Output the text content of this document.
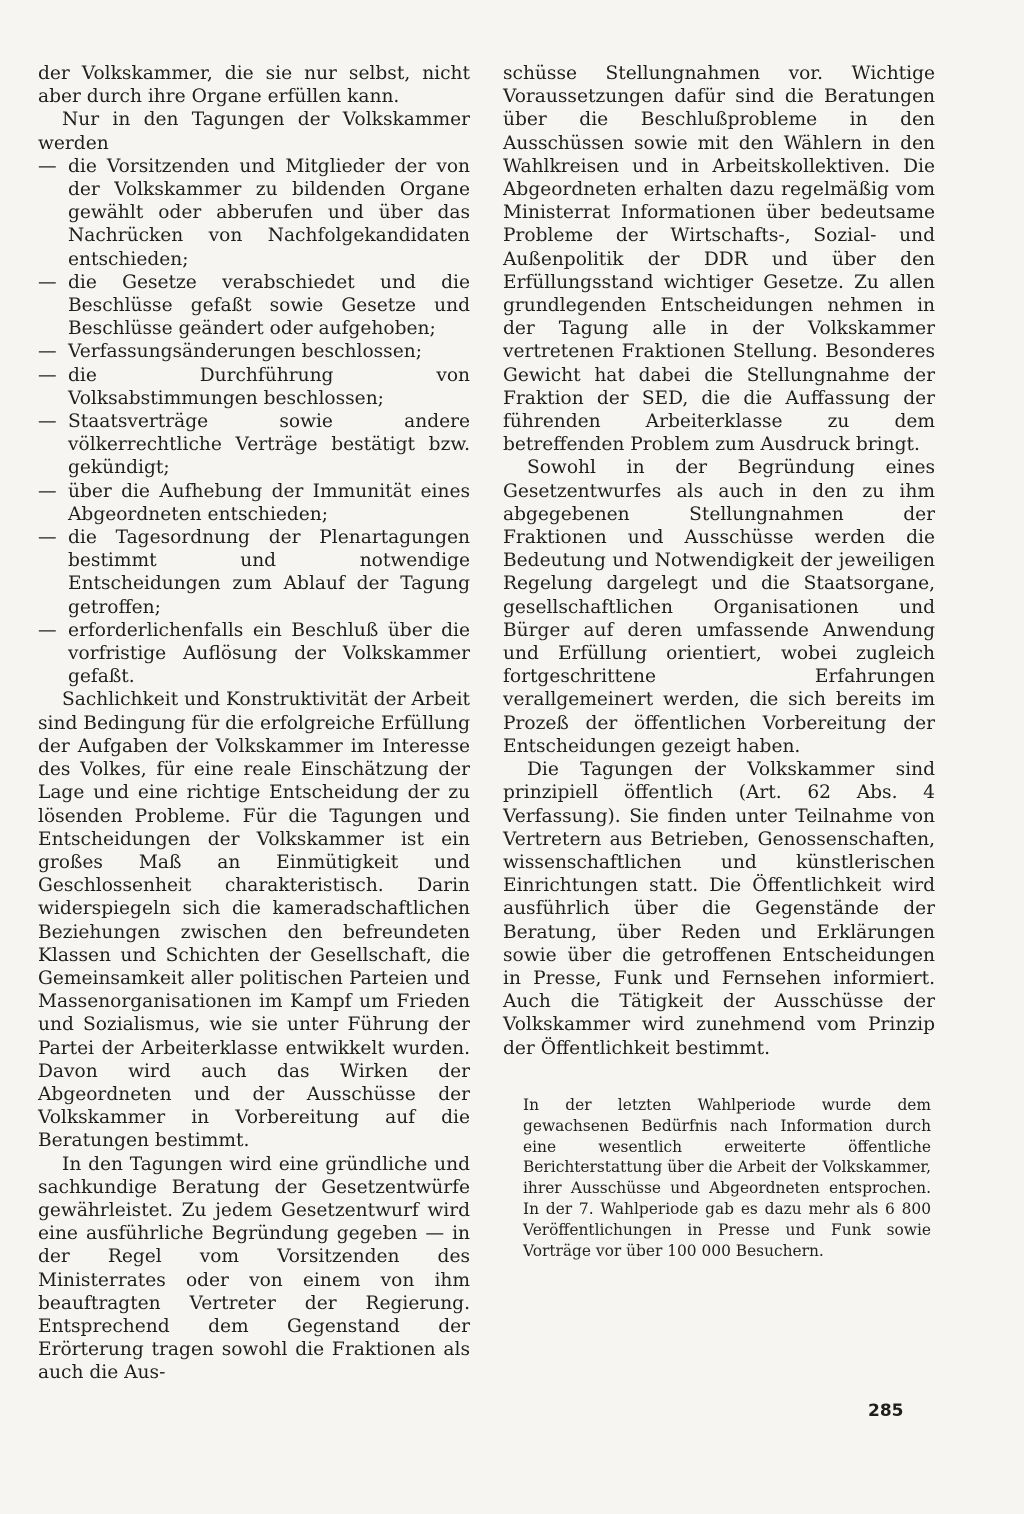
der Volkskammer, die sie nur selbst, nicht aber durch ihre Organe erfüllen kann.

Nur in den Tagungen der Volkskammer werden

— die Vorsitzenden und Mitglieder der von der Volkskammer zu bildenden Organe gewählt oder abberufen und über das Nachrücken von Nachfolgekandidaten entschieden;
— die Gesetze verabschiedet und die Beschlüsse gefaßt sowie Gesetze und Beschlüsse geändert oder aufgehoben;
— Verfassungsänderungen beschlossen;
— die Durchführung von Volksabstimmungen beschlossen;
— Staatsverträge sowie andere völkerrechtliche Verträge bestätigt bzw. gekündigt;
— über die Aufhebung der Immunität eines Abgeordneten entschieden;
— die Tagesordnung der Plenartagungen bestimmt und notwendige Entscheidungen zum Ablauf der Tagung getroffen;
— erforderlichenfalls ein Beschluß über die vorfristige Auflösung der Volkskammer gefaßt.

Sachlichkeit und Konstruktivität der Arbeit sind Bedingung für die erfolgreiche Erfüllung der Aufgaben der Volkskammer im Interesse des Volkes, für eine reale Einschätzung der Lage und eine richtige Entscheidung der zu lösenden Probleme. Für die Tagungen und Entscheidungen der Volkskammer ist ein großes Maß an Einmütigkeit und Geschlossenheit charakteristisch. Darin widerspiegeln sich die kameradschaftlichen Beziehungen zwischen den befreundeten Klassen und Schichten der Gesellschaft, die Gemeinsamkeit aller politischen Parteien und Massenorganisationen im Kampf um Frieden und Sozialismus, wie sie unter Führung der Partei der Arbeiterklasse entwikkelt wurden. Davon wird auch das Wirken der Abgeordneten und der Ausschüsse der Volkskammer in Vorbereitung auf die Beratungen bestimmt.

In den Tagungen wird eine gründliche und sachkundige Beratung der Gesetzentwürfe gewährleistet. Zu jedem Gesetzentwurf wird eine ausführliche Begründung gegeben — in der Regel vom Vorsitzenden des Ministerrates oder von einem von ihm beauftragten Vertreter der Regierung. Entsprechend dem Gegenstand der Erörterung tragen sowohl die Fraktionen als auch die Aus-

schüsse Stellungnahmen vor. Wichtige Voraussetzungen dafür sind die Beratungen über die Beschlußprobleme in den Ausschüssen sowie mit den Wählern in den Wahlkreisen und in Arbeitskollektiven. Die Abgeordneten erhalten dazu regelmäßig vom Ministerrat Informationen über bedeutsame Probleme der Wirtschafts-, Sozial- und Außenpolitik der DDR und über den Erfüllungsstand wichtiger Gesetze. Zu allen grundlegenden Entscheidungen nehmen in der Tagung alle in der Volkskammer vertretenen Fraktionen Stellung. Besonderes Gewicht hat dabei die Stellungnahme der Fraktion der SED, die die Auffassung der führenden Arbeiterklasse zu dem betreffenden Problem zum Ausdruck bringt.

Sowohl in der Begründung eines Gesetzentwurfes als auch in den zu ihm abgegebenen Stellungnahmen der Fraktionen und Ausschüsse werden die Bedeutung und Notwendigkeit der jeweiligen Regelung dargelegt und die Staatsorgane, gesellschaftlichen Organisationen und Bürger auf deren umfassende Anwendung und Erfüllung orientiert, wobei zugleich fortgeschrittene Erfahrungen verallgemeinert werden, die sich bereits im Prozeß der öffentlichen Vorbereitung der Entscheidungen gezeigt haben.

Die Tagungen der Volkskammer sind prinzipiell öffentlich (Art. 62 Abs. 4 Verfassung). Sie finden unter Teilnahme von Vertretern aus Betrieben, Genossenschaften, wissenschaftlichen und künstlerischen Einrichtungen statt. Die Öffentlichkeit wird ausführlich über die Gegenstände der Beratung, über Reden und Erklärungen sowie über die getroffenen Entscheidungen in Presse, Funk und Fernsehen informiert. Auch die Tätigkeit der Ausschüsse der Volkskammer wird zunehmend vom Prinzip der Öffentlichkeit bestimmt.

In der letzten Wahlperiode wurde dem gewachsenen Bedürfnis nach Information durch eine wesentlich erweiterte öffentliche Berichterstattung über die Arbeit der Volkskammer, ihrer Ausschüsse und Abgeordneten entsprochen. In der 7. Wahlperiode gab es dazu mehr als 6 800 Veröffentlichungen in Presse und Funk sowie Vorträge vor über 100 000 Besuchern.
285
